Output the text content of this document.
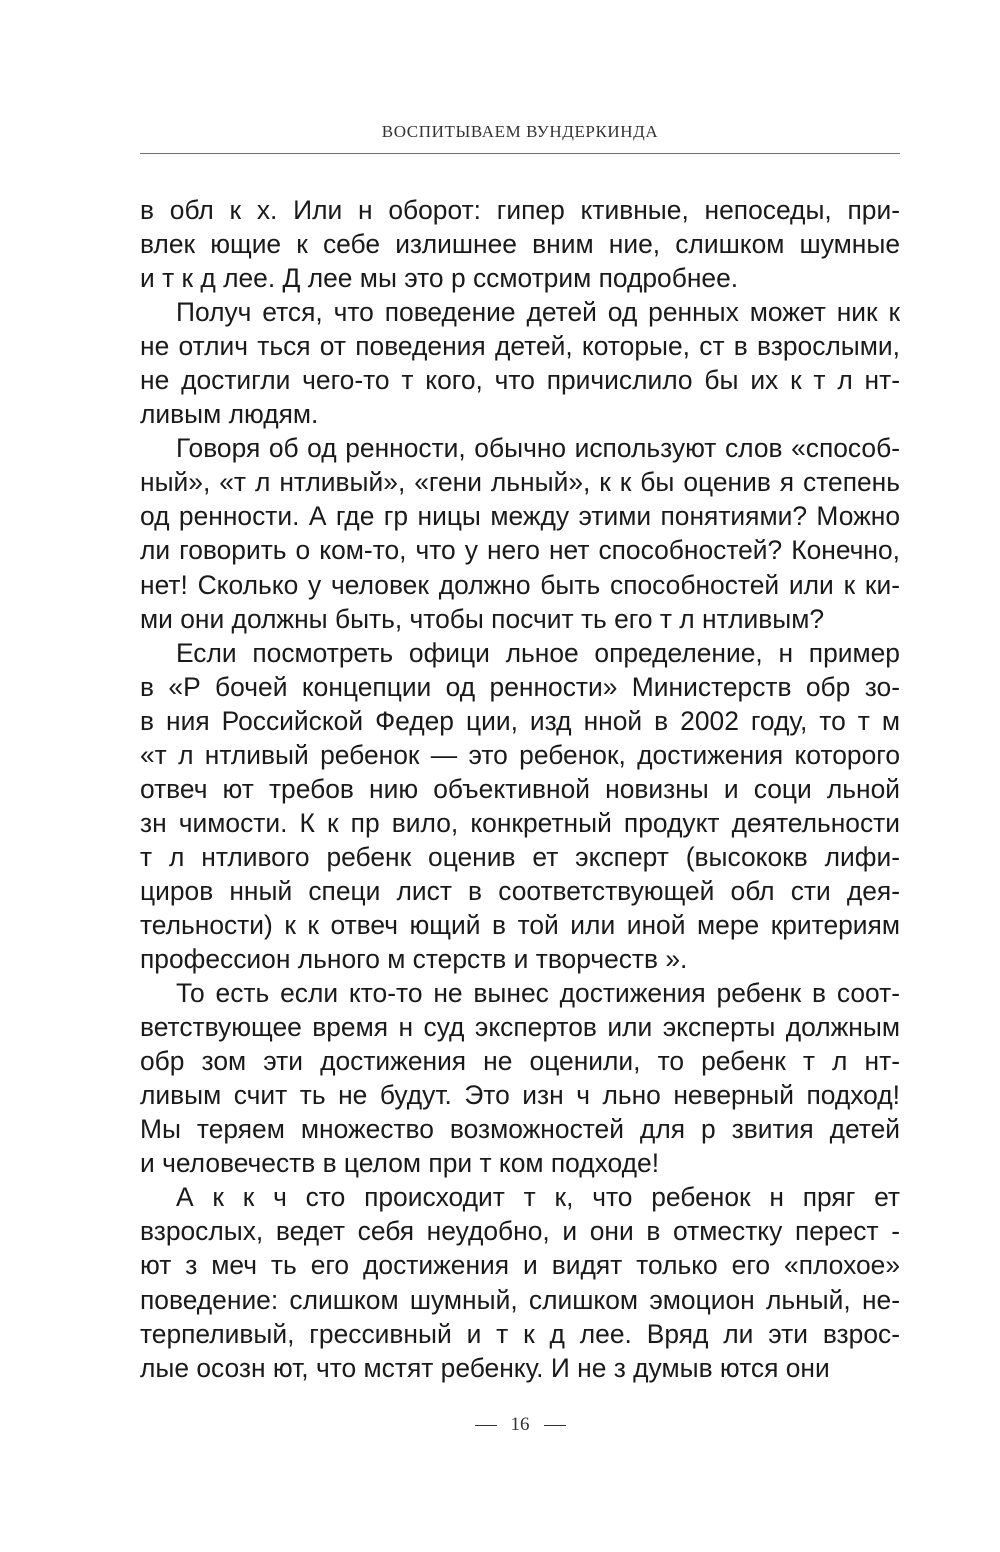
ВОСПИТЫВАЕМ ВУНДЕРКИНДА

в обл к х. Или н оборот: гипер ктивные, непоседы, при-
влек ющие к себе излишнее вним ние, слишком шумные
и т к д лее. Д лее мы это р ссмотрим подробнее.

Получ ется, что поведение детей од ренных может ник к
не отлич ться от поведения детей, которые, ст в взрослыми,
не достигли чего-то т кого, что причислило бы их к т л нт-
ливым людям.

Говоря об од ренности, обычно используют слов «способ-
ный», «т л нтливый», «гени льный», к к бы оценив я степень
од ренности. А где гр ницы между этими понятиями? Можно
ли говорить о ком-то, что у него нет способностей? Конечно,
нет! Сколько у человек должно быть способностей или к ки-
ми они должны быть, чтобы посчит ть его т л нтливым?

Если посмотреть офици льное определение, н пример
в «Р бочей концепции од ренности» Министерств обр зо-
в ния Российской Федер ции, изд нной в 2002 году, то т м
«т л нтливый ребенок — это ребенок, достижения которого
отвеч ют требов нию объективной новизны и соци льной
зн чимости. К к пр вило, конкретный продукт деятельности
т л нтливого ребенк оценив ет эксперт (высококв лифи-
циров нный специ лист в соответствующей обл сти дея-
тельности) к к отвеч ющий в той или иной мере критериям
профессион льного м стерств и творчеств ».

То есть если кто-то не вынес достижения ребенк в соот-
ветствующее время н суд экспертов или эксперты должным
обр зом эти достижения не оценили, то ребенк т л нт-
ливым счит ть не будут. Это изн ч льно неверный подход!
Мы теряем множество возможностей для р звития детей
и человечеств в целом при т ком подходе!

А к к ч сто происходит т к, что ребенок н пряг ет
взрослых, ведет себя неудобно, и они в отместку перест -
ют з меч ть его достижения и видят только его «плохое»
поведение: слишком шумный, слишком эмоцион льный, не-
терпеливый, грессивный и т к д лее. Вряд ли эти взрос-
лые осозн ют, что мстят ребенку. И не з думыв ются они

16
